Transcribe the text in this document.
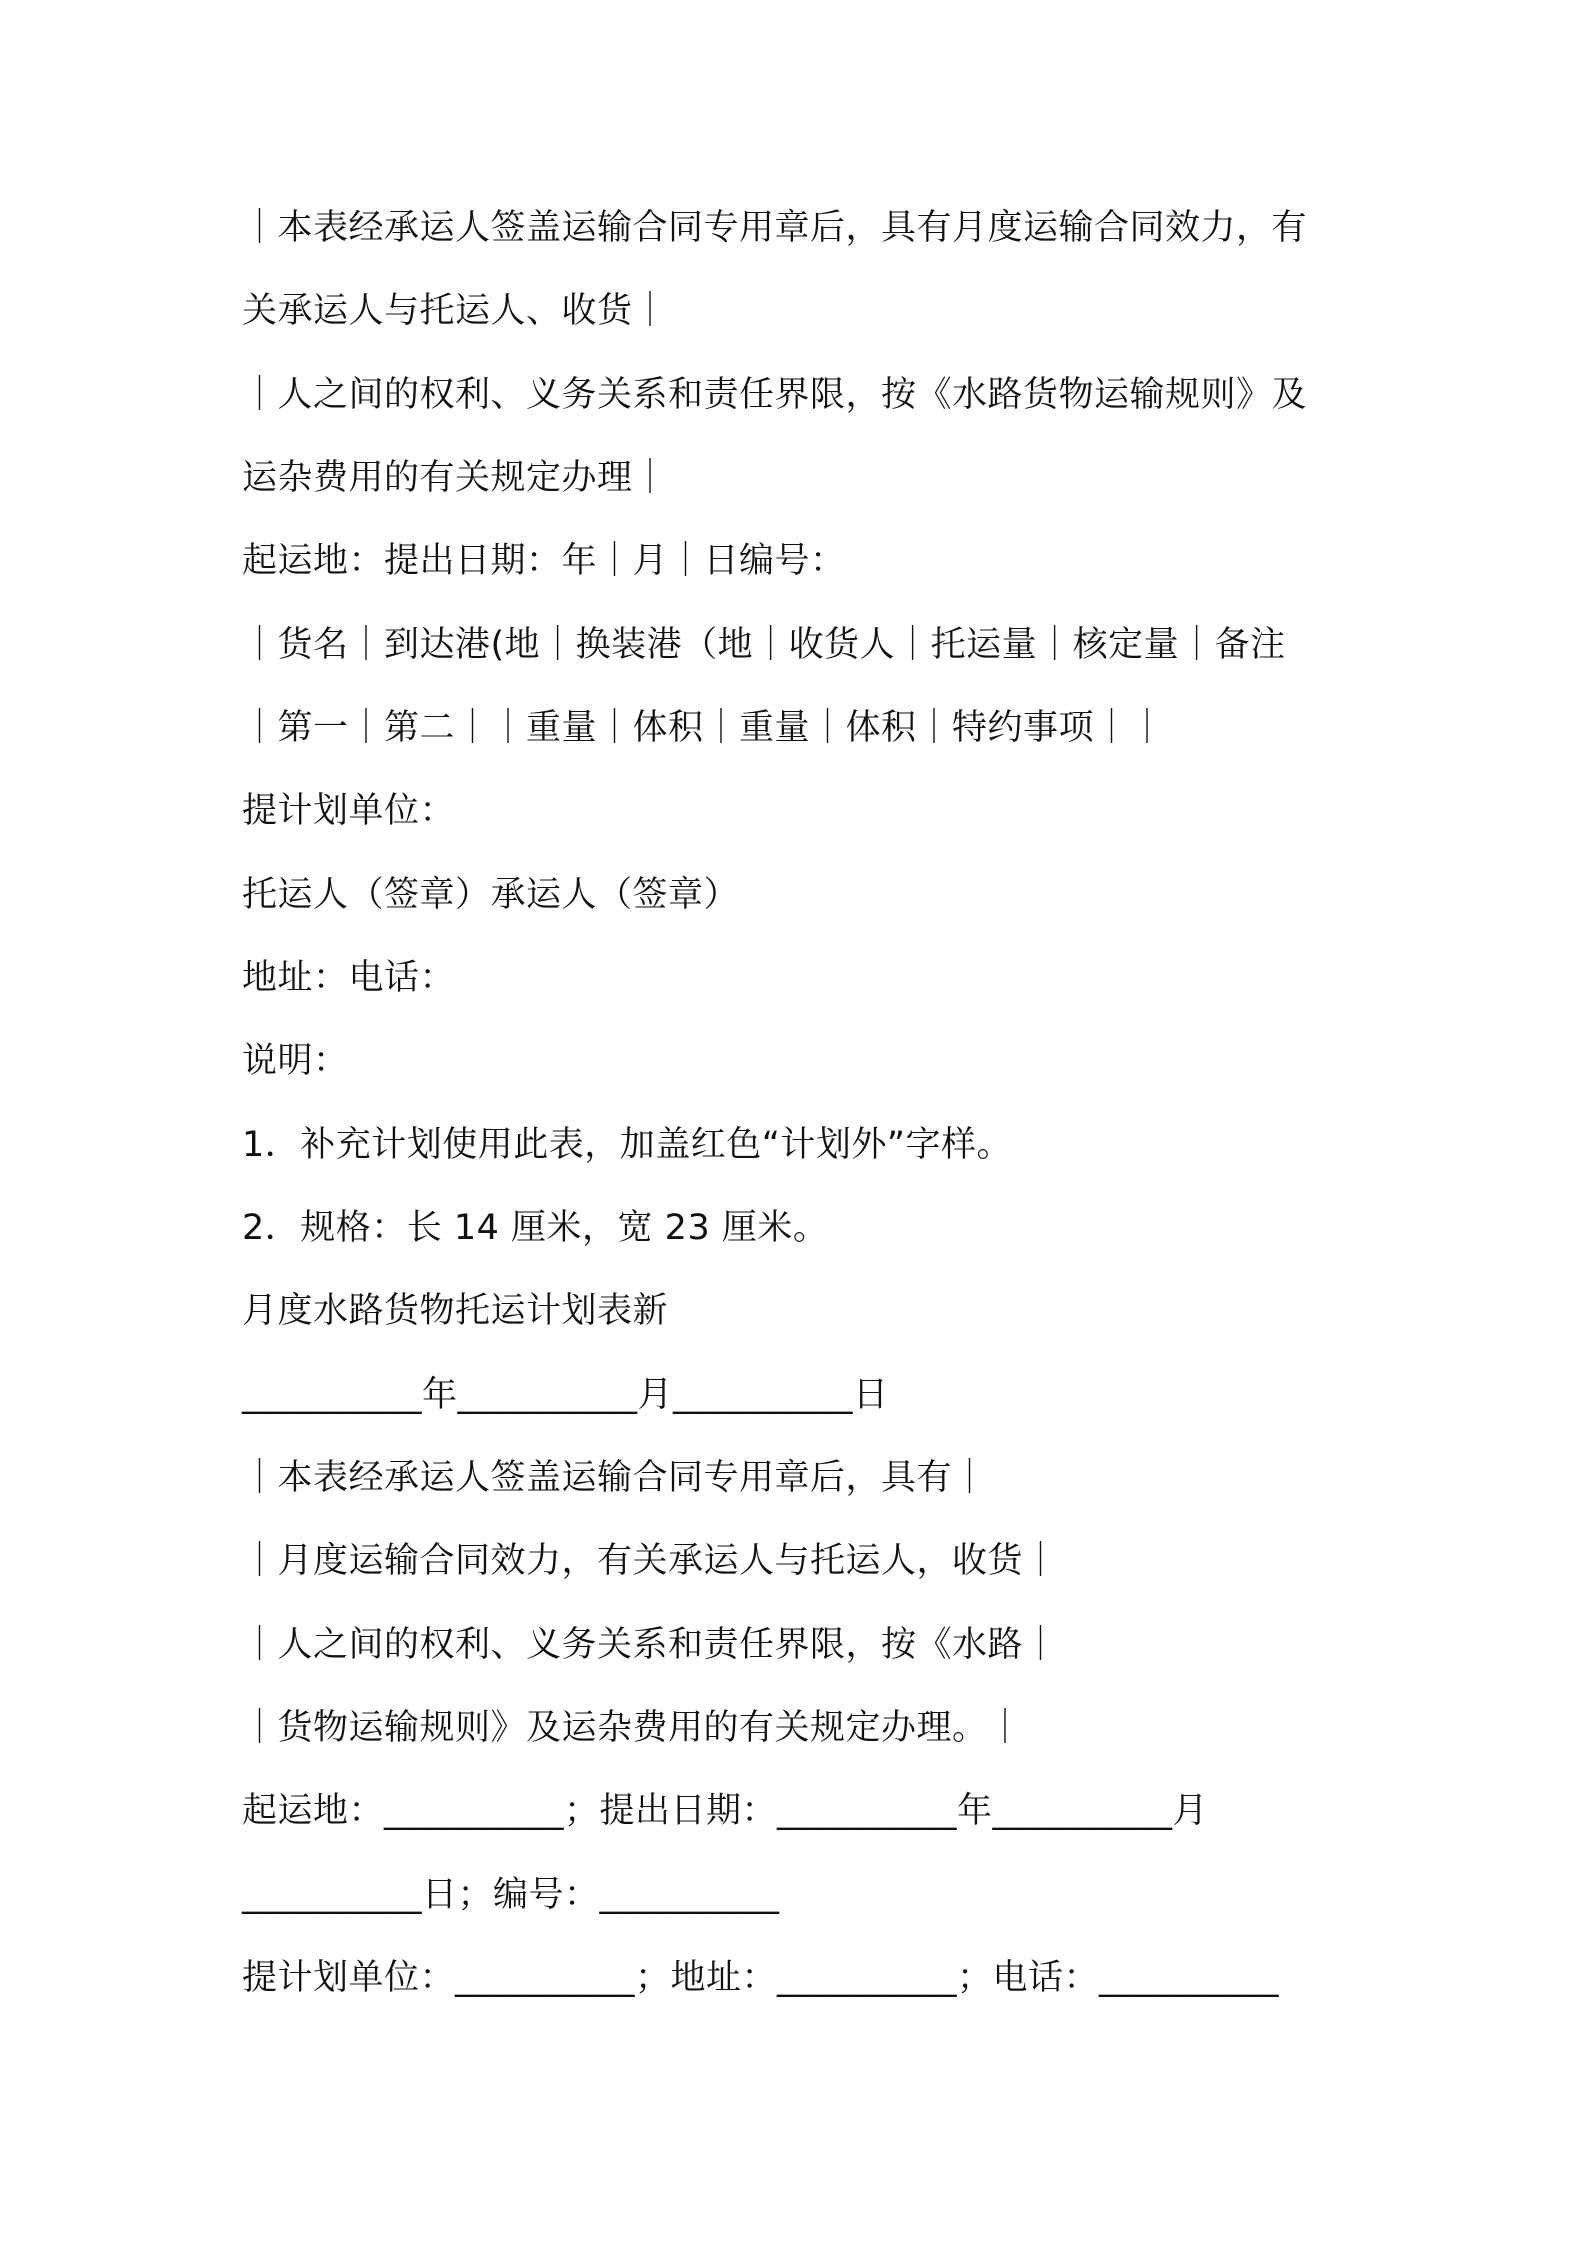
｜本表经承运人签盖运输合同专用章后，具有月度运输合同效力，有
关承运人与托运人、收货｜
｜人之间的权利、义务关系和责任界限，按《水路货物运输规则》及
运杂费用的有关规定办理｜
起运地：提出日期：年｜月｜日编号：
｜货名｜到达港(地｜换装港（地｜收货人｜托运量｜核定量｜备注
｜第一｜第二｜｜重量｜体积｜重量｜体积｜特约事项｜｜
提计划单位：
托运人（签章）承运人（签章）
地址：电话：
说明：
1．补充计划使用此表，加盖红色“计划外”字样。
2．规格：长 14 厘米，宽 23 厘米。
月度水路货物托运计划表新
__________年__________月__________日
｜本表经承运人签盖运输合同专用章后，具有｜
｜月度运输合同效力，有关承运人与托运人，收货｜
｜人之间的权利、义务关系和责任界限，按《水路｜
｜货物运输规则》及运杂费用的有关规定办理。｜
起运地：__________；提出日期：__________年__________月
__________日；编号：__________
提计划单位：__________；地址：__________；电话：__________
